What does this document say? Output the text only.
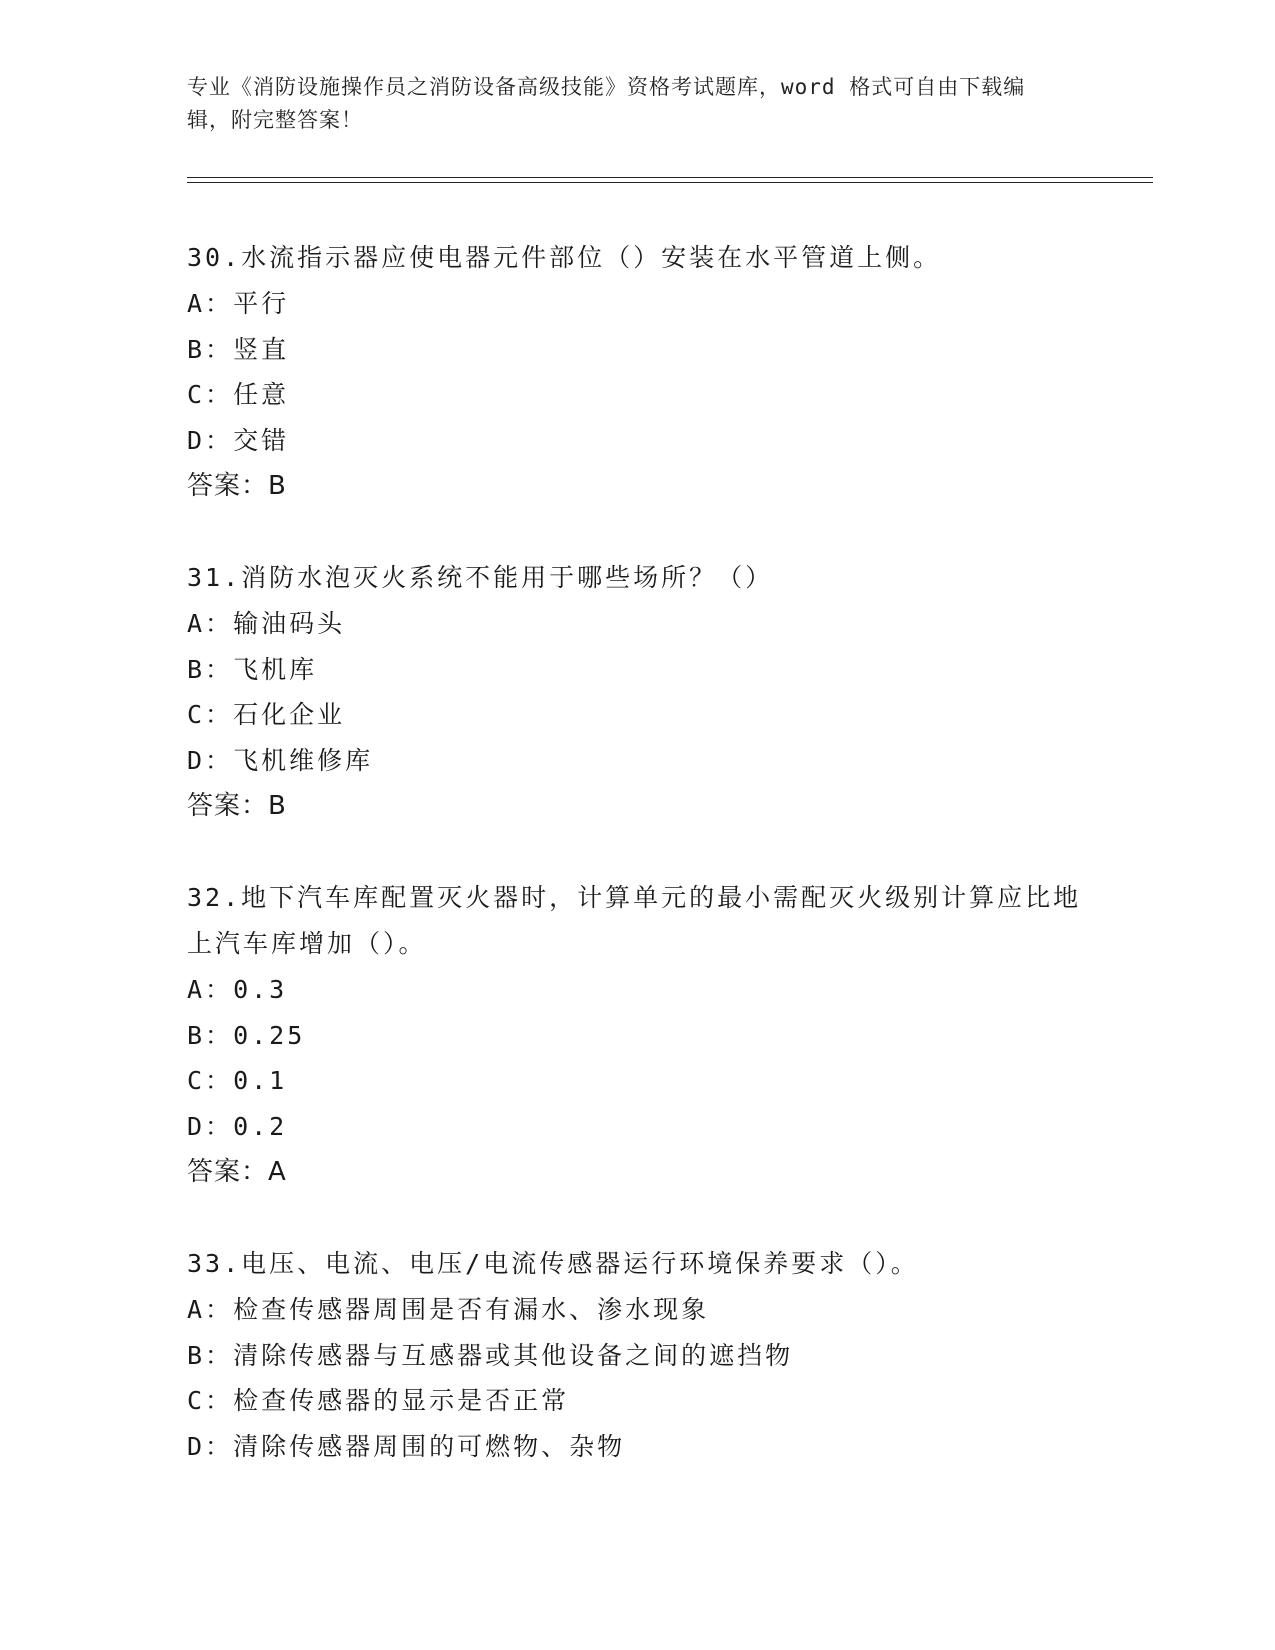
专业《消防设施操作员之消防设备高级技能》资格考试题库，word 格式可自由下载编辑，附完整答案！

30.水流指示器应使电器元件部位（）安装在水平管道上侧。

A：平行
B：竖直
C：任意
D：交错
答案：B

31.消防水泡灭火系统不能用于哪些场所？（）

A：输油码头
B：飞机库
C：石化企业
D：飞机维修库
答案：B

32.地下汽车库配置灭火器时，计算单元的最小需配灭火级别计算应比地上汽车库增加（）。

A：0.3
B：0.25
C：0.1
D：0.2
答案：A

33.电压、电流、电压/电流传感器运行环境保养要求（）。

A：检查传感器周围是否有漏水、渗水现象
B：清除传感器与互感器或其他设备之间的遮挡物
C：检查传感器的显示是否正常
D：清除传感器周围的可燃物、杂物
